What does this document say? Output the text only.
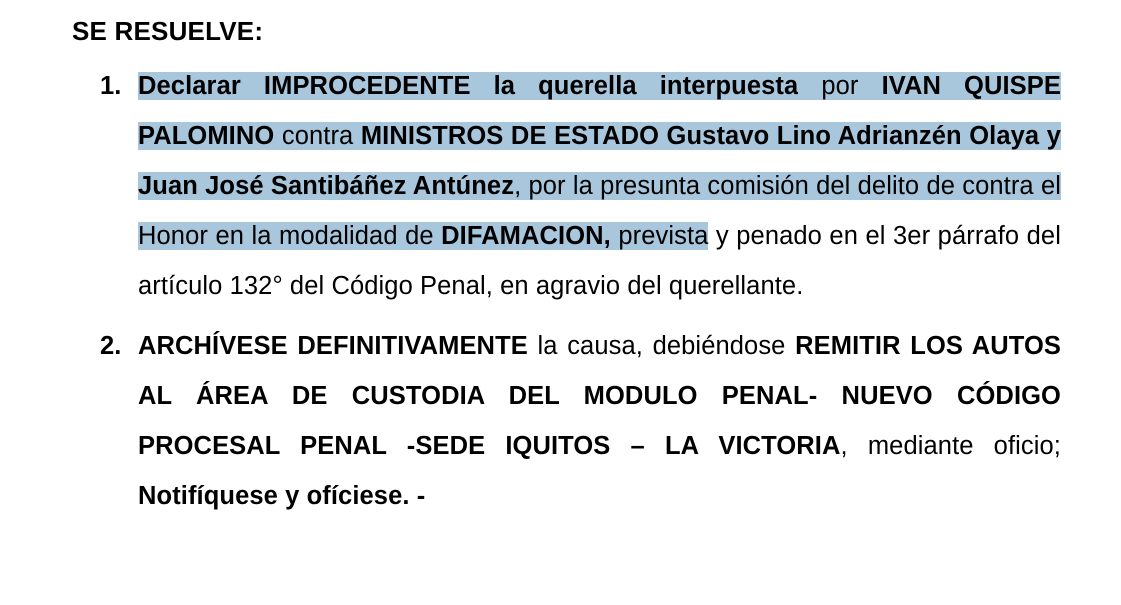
SE RESUELVE:
1. Declarar IMPROCEDENTE la querella interpuesta por IVAN QUISPE PALOMINO contra MINISTROS DE ESTADO Gustavo Lino Adrianzén Olaya y Juan José Santibáñez Antúnez, por la presunta comisión del delito de contra el Honor en la modalidad de DIFAMACION, prevista y penado en el 3er párrafo del artículo 132° del Código Penal, en agravio del querellante.
2. ARCHÍVESE DEFINITIVAMENTE la causa, debiéndose REMITIR LOS AUTOS AL ÁREA DE CUSTODIA DEL MODULO PENAL- NUEVO CÓDIGO PROCESAL PENAL -SEDE IQUITOS – LA VICTORIA, mediante oficio; Notifíquese y ofíciese. -
